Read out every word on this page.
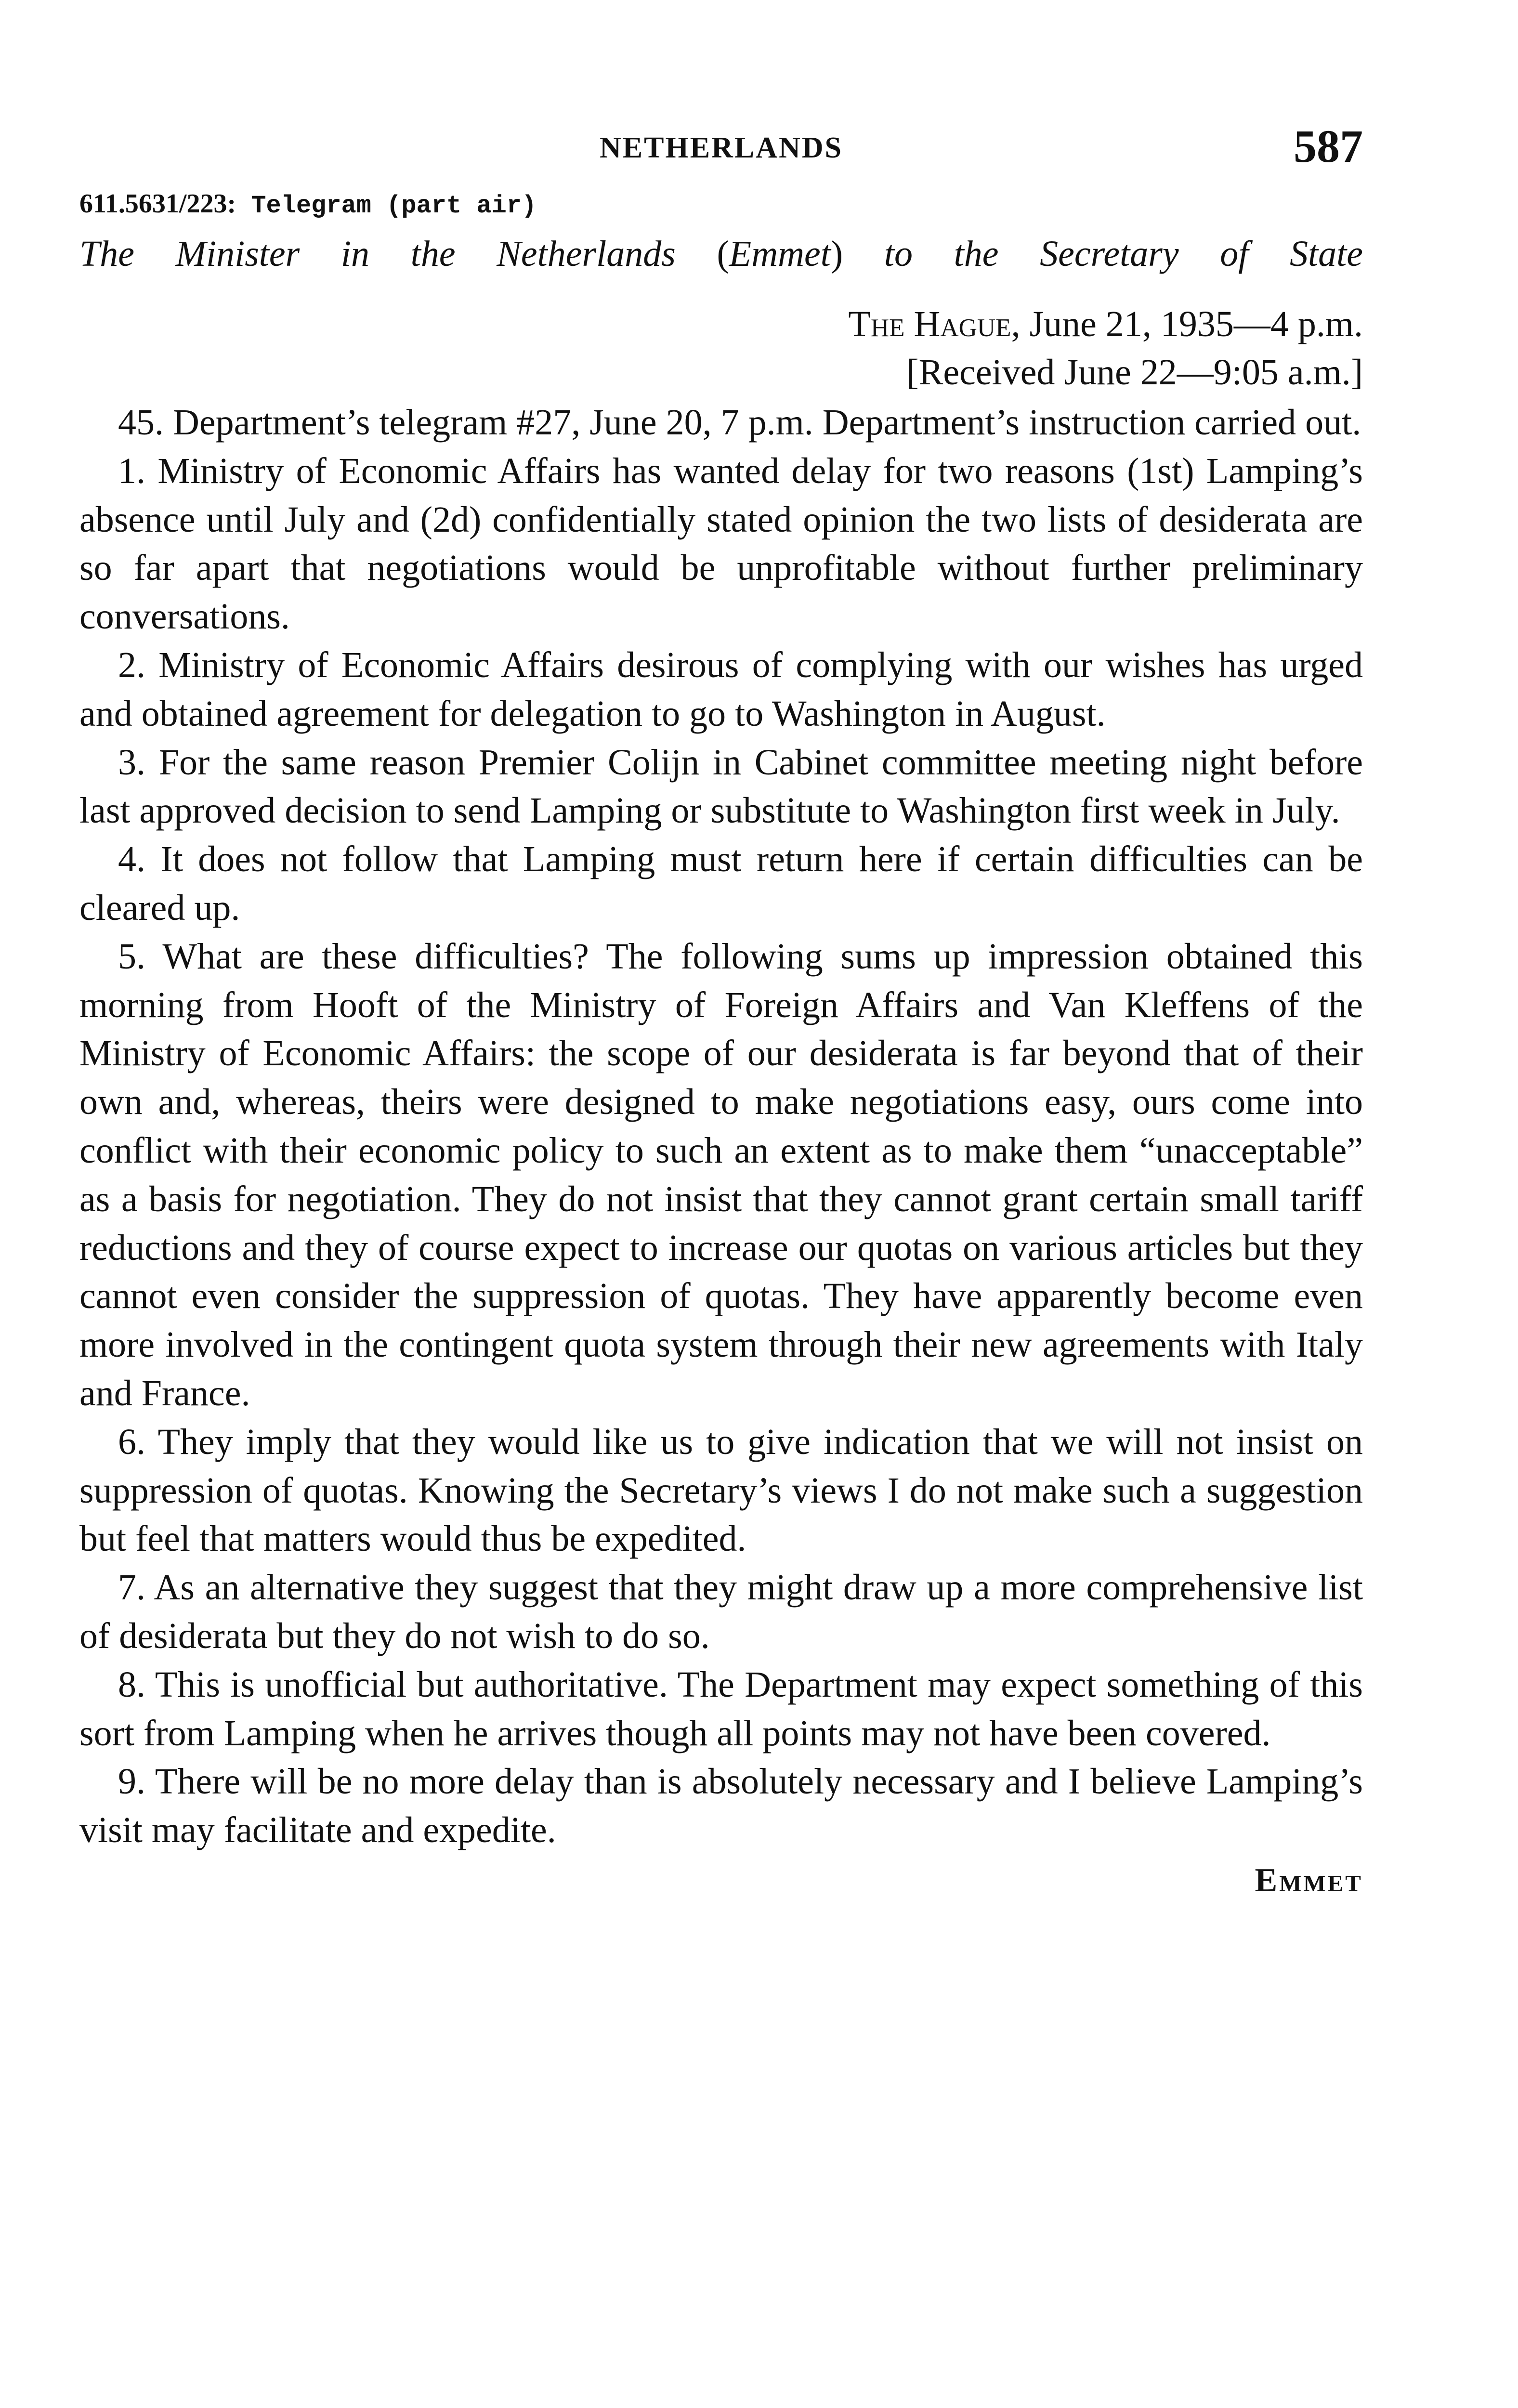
NETHERLANDS	587
611.5631/223: Telegram (part air)
The Minister in the Netherlands (Emmet) to the Secretary of State
The Hague, June 21, 1935—4 p.m.
[Received June 22—9:05 a.m.]

45. Department’s telegram #27, June 20, 7 p.m. Department’s instruction carried out.

1. Ministry of Economic Affairs has wanted delay for two reasons (1st) Lamping’s absence until July and (2d) confidentially stated opinion the two lists of desiderata are so far apart that negotiations would be unprofitable without further preliminary conversations.

2. Ministry of Economic Affairs desirous of complying with our wishes has urged and obtained agreement for delegation to go to Washington in August.

3. For the same reason Premier Colijn in Cabinet committee meeting night before last approved decision to send Lamping or substitute to Washington first week in July.

4. It does not follow that Lamping must return here if certain difficulties can be cleared up.

5. What are these difficulties? The following sums up impression obtained this morning from Hooft of the Ministry of Foreign Affairs and Van Kleffens of the Ministry of Economic Affairs: the scope of our desiderata is far beyond that of their own and, whereas, theirs were designed to make negotiations easy, ours come into conflict with their economic policy to such an extent as to make them “unacceptable” as a basis for negotiation. They do not insist that they cannot grant certain small tariff reductions and they of course expect to increase our quotas on various articles but they cannot even consider the suppression of quotas. They have apparently become even more involved in the contingent quota system through their new agreements with Italy and France.

6. They imply that they would like us to give indication that we will not insist on suppression of quotas. Knowing the Secretary’s views I do not make such a suggestion but feel that matters would thus be expedited.

7. As an alternative they suggest that they might draw up a more comprehensive list of desiderata but they do not wish to do so.

8. This is unofficial but authoritative. The Department may expect something of this sort from Lamping when he arrives though all points may not have been covered.

9. There will be no more delay than is absolutely necessary and I believe Lamping’s visit may facilitate and expedite.

Emmet
